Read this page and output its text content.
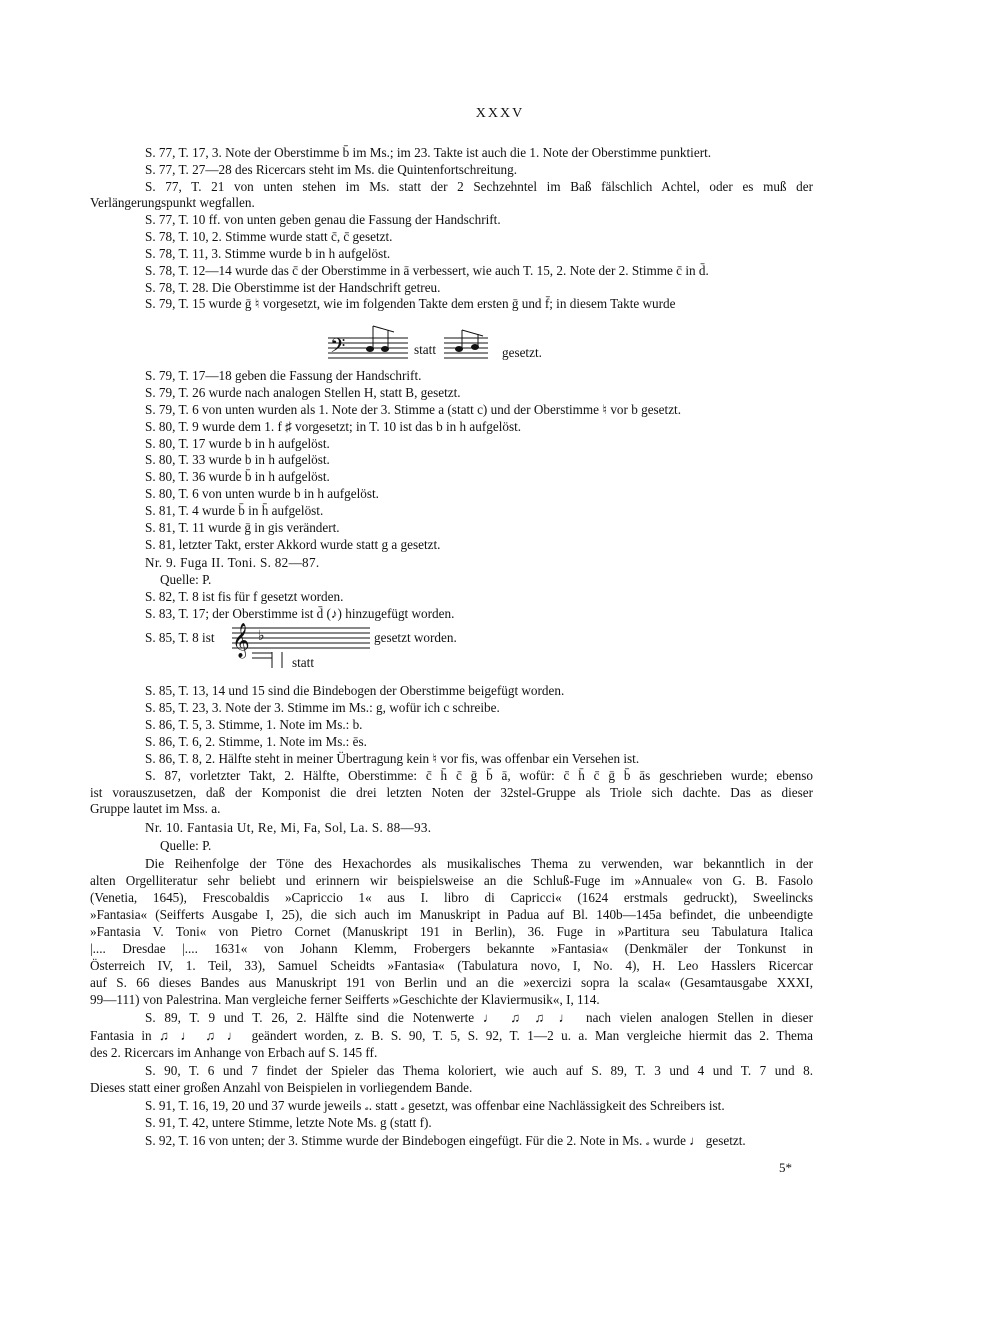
XXXV
S. 77, T. 17, 3. Note der Oberstimme b̄ im Ms.; im 23. Takte ist auch die 1. Note der Oberstimme punktiert.
S. 77, T. 27—28 des Ricercars steht im Ms. die Quintenfortschreitung.
S. 77, T. 21 von unten stehen im Ms. statt der 2 Sechzehntel im Baß fälschlich Achtel, oder es muß der
Verlängerungspunkt wegfallen.
S. 77, T. 10 ff. von unten geben genau die Fassung der Handschrift.
S. 78, T. 10, 2. Stimme wurde statt c̄, c̄ gesetzt.
S. 78, T. 11, 3. Stimme wurde b in h aufgelöst.
S. 78, T. 12—14 wurde das c̄ der Oberstimme in ā verbessert, wie auch T. 15, 2. Note der 2. Stimme c̄ in d̄.
S. 78, T. 28. Die Oberstimme ist der Handschrift getreu.
S. 79, T. 15 wurde ḡ ♮ vorgesetzt, wie im folgenden Takte dem ersten ḡ und f̄; in diesem Takte wurde
𝄢	statt	gesetzt.
S. 79, T. 17—18 geben die Fassung der Handschrift.
S. 79, T. 26 wurde nach analogen Stellen H, statt B, gesetzt.
S. 79, T. 6 von unten wurden als 1. Note der 3. Stimme a (statt c) und der Oberstimme ♮ vor b gesetzt.
S. 80, T. 9 wurde dem 1. f ♯ vorgesetzt; in T. 10 ist das b in h aufgelöst.
S. 80, T. 17 wurde b in h aufgelöst.
S. 80, T. 33 wurde b in h aufgelöst.
S. 80, T. 36 wurde b̄ in h aufgelöst.
S. 80, T. 6 von unten wurde b in h aufgelöst.
S. 81, T. 4 wurde b̄ in h̄ aufgelöst.
S. 81, T. 11 wurde ḡ in gis verändert.
S. 81, letzter Takt, erster Akkord wurde statt g a gesetzt.
Nr. 9. Fuga II. Toni. S. 82—87.
Quelle: P.
S. 82, T. 8 ist fis für f gesetzt worden.
S. 83, T. 17; der Oberstimme ist d̄ (♪) hinzugefügt worden.
S. 85, T. 8 ist 𝄞 ♭
statt
gesetzt worden.
S. 85, T. 13, 14 und 15 sind die Bindebogen der Oberstimme beigefügt worden.
S. 85, T. 23, 3. Note der 3. Stimme im Ms.: g, wofür ich c schreibe.
S. 86, T. 5, 3. Stimme, 1. Note im Ms.: b.
S. 86, T. 6, 2. Stimme, 1. Note im Ms.: ēs.
S. 86, T. 8, 2. Hälfte steht in meiner Übertragung kein ♮ vor fis, was offenbar ein Versehen ist.
S. 87, vorletzter Takt, 2. Hälfte, Oberstimme: c̄ h̄ c̄ ḡ b̄ ā, wofür: c̄ h̄ c̄ ḡ b̄ ās geschrieben wurde; ebenso
ist vorauszusetzen, daß der Komponist die drei letzten Noten der 32stel-Gruppe als Triole sich dachte. Das as dieser
Gruppe lautet im Mss. a.
Nr. 10. Fantasia Ut, Re, Mi, Fa, Sol, La. S. 88—93.
Quelle: P.
Die Reihenfolge der Töne des Hexachordes als musikalisches Thema zu verwenden, war bekanntlich in der
alten Orgelliteratur sehr beliebt und erinnern wir beispielsweise an die Schluß-Fuge im »Annuale« von G. B. Fasolo
(Venetia, 1645), Frescobaldis »Capriccio 1« aus I. libro di Capricci« (1624 erstmals gedruckt), Sweelincks
»Fantasia« (Seifferts Ausgabe I, 25), die sich auch im Manuskript in Padua auf Bl. 140b—145a befindet, die unbeendigte
»Fantasia V. Toni« von Pietro Cornet (Manuskript 191 in Berlin), 36. Fuge in »Partitura seu Tabulatura Italica
|.... Dresdae |.... 1631« von Johann Klemm, Frobergers bekannte »Fantasia« (Denkmäler der Tonkunst in
Österreich IV, 1. Teil, 33), Samuel Scheidts »Fantasia« (Tabulatura novo, I, No. 4), H. Leo Hasslers Ricercar
auf S. 66 dieses Bandes aus Manuskript 191 von Berlin und an die »exercizi sopra la scala« (Gesamtausgabe XXXI,
99—111) von Palestrina. Man vergleiche ferner Seifferts »Geschichte der Klaviermusik«, I, 114.
S. 89, T. 9 und T. 26, 2. Hälfte sind die Notenwerte ♩ ♫ ♫ ♩ nach vielen analogen Stellen in dieser
Fantasia in ♫ ♩ ♫ ♩ geändert worden, z. B. S. 90, T. 5, S. 92, T. 1—2 u. a. Man vergleiche hiermit das 2. Thema
des 2. Ricercars im Anhange von Erbach auf S. 145 ff.
S. 90, T. 6 und 7 findet der Spieler das Thema koloriert, wie auch auf S. 89, T. 3 und 4 und T. 7 und 8.
Dieses statt einer großen Anzahl von Beispielen in vorliegendem Bande.
S. 91, T. 16, 19, 20 und 37 wurde jeweils 𝅗. statt 𝅗 gesetzt, was offenbar eine Nachlässigkeit des Schreibers ist.
S. 91, T. 42, untere Stimme, letzte Note Ms. g (statt f).
S. 92, T. 16 von unten; der 3. Stimme wurde der Bindebogen eingefügt. Für die 2. Note in Ms. 𝅗 wurde ♩ gesetzt.
5*
